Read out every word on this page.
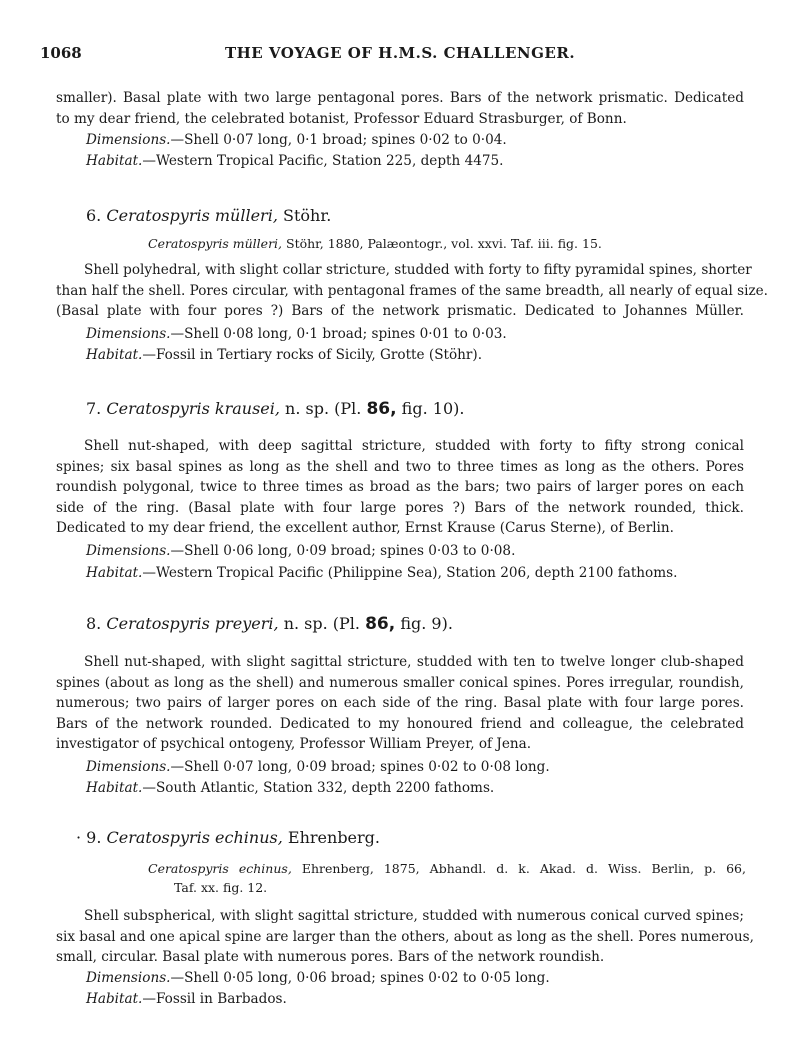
1068	THE VOYAGE OF H.M.S. CHALLENGER.
smaller). Basal plate with two large pentagonal pores. Bars of the network prismatic. Dedicated
to my dear friend, the celebrated botanist, Professor Eduard Strasburger, of Bonn.
Dimensions.—Shell 0·07 long, 0·1 broad; spines 0·02 to 0·04.
Habitat.—Western Tropical Pacific, Station 225, depth 4475.
6. Ceratospyris mülleri, Stöhr.
Ceratospyris mülleri, Stöhr, 1880, Palæontogr., vol. xxvi. Taf. iii. fig. 15.
Shell polyhedral, with slight collar stricture, studded with forty to fifty pyramidal spines, shorter
than half the shell. Pores circular, with pentagonal frames of the same breadth, all nearly of equal size.
(Basal plate with four pores ?) Bars of the network prismatic. Dedicated to Johannes Müller.
Dimensions.—Shell 0·08 long, 0·1 broad; spines 0·01 to 0·03.
Habitat.—Fossil in Tertiary rocks of Sicily, Grotte (Stöhr).
7. Ceratospyris krausei, n. sp. (Pl. 86, fig. 10).
Shell nut-shaped, with deep sagittal stricture, studded with forty to fifty strong conical
spines; six basal spines as long as the shell and two to three times as long as the others. Pores
roundish polygonal, twice to three times as broad as the bars; two pairs of larger pores on each
side of the ring. (Basal plate with four large pores ?) Bars of the network rounded, thick.
Dedicated to my dear friend, the excellent author, Ernst Krause (Carus Sterne), of Berlin.
Dimensions.—Shell 0·06 long, 0·09 broad; spines 0·03 to 0·08.
Habitat.—Western Tropical Pacific (Philippine Sea), Station 206, depth 2100 fathoms.
8. Ceratospyris preyeri, n. sp. (Pl. 86, fig. 9).
Shell nut-shaped, with slight sagittal stricture, studded with ten to twelve longer club-shaped
spines (about as long as the shell) and numerous smaller conical spines. Pores irregular, roundish,
numerous; two pairs of larger pores on each side of the ring. Basal plate with four large pores.
Bars of the network rounded. Dedicated to my honoured friend and colleague, the celebrated
investigator of psychical ontogeny, Professor William Preyer, of Jena.
Dimensions.—Shell 0·07 long, 0·09 broad; spines 0·02 to 0·08 long.
Habitat.—South Atlantic, Station 332, depth 2200 fathoms.
· 9. Ceratospyris echinus, Ehrenberg.
Ceratospyris echinus, Ehrenberg, 1875, Abhandl. d. k. Akad. d. Wiss. Berlin, p. 66,
Taf. xx. fig. 12.
Shell subspherical, with slight sagittal stricture, studded with numerous conical curved spines;
six basal and one apical spine are larger than the others, about as long as the shell. Pores numerous,
small, circular. Basal plate with numerous pores. Bars of the network roundish.
Dimensions.—Shell 0·05 long, 0·06 broad; spines 0·02 to 0·05 long.
Habitat.—Fossil in Barbados.
